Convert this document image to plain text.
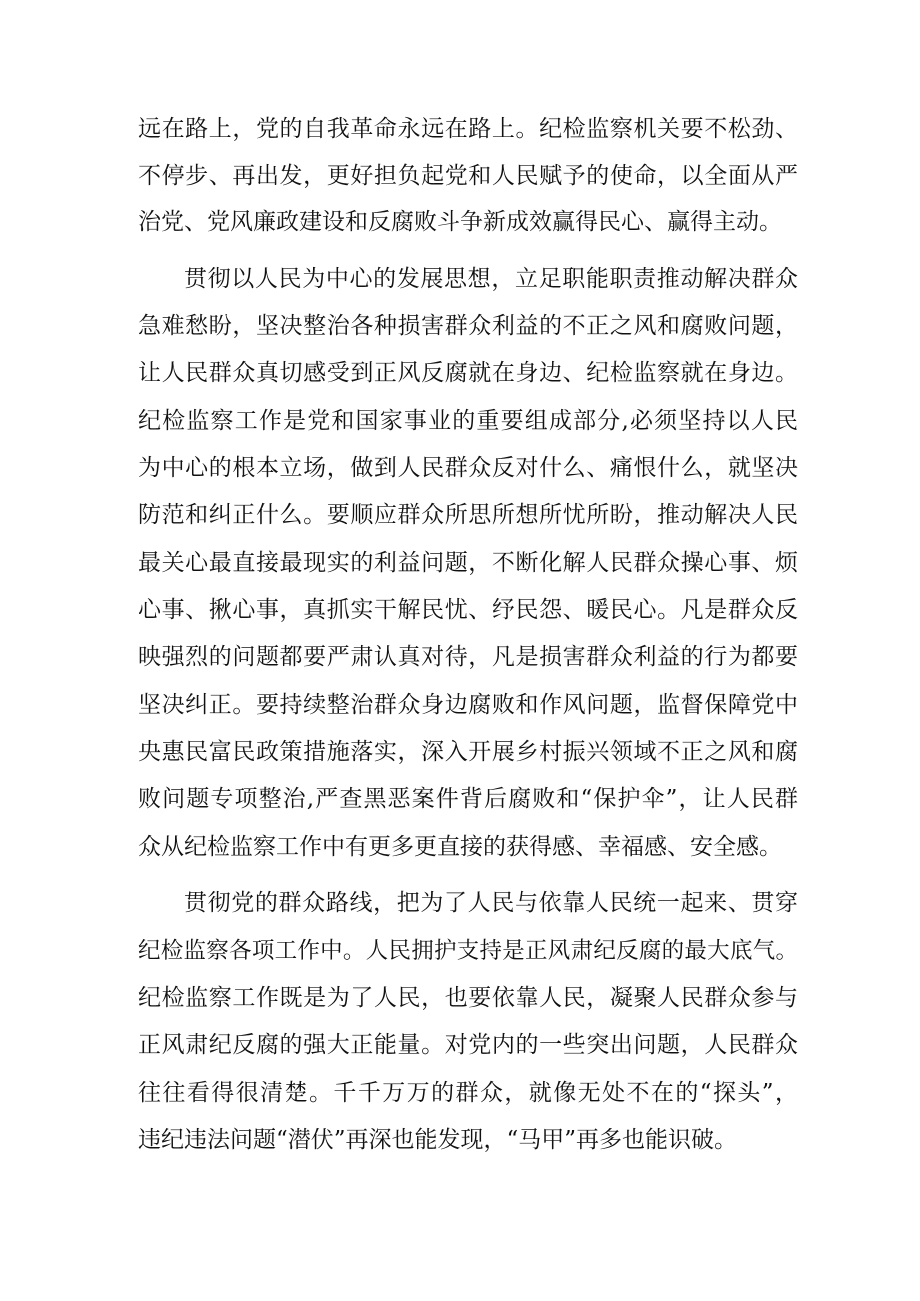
远在路上，党的自我革命永远在路上。纪检监察机关要不松劲、
不停步、再出发，更好担负起党和人民赋予的使命，以全面从严
治党、党风廉政建设和反腐败斗争新成效赢得民心、赢得主动。
贯彻以人民为中心的发展思想，立足职能职责推动解决群众
急难愁盼，坚决整治各种损害群众利益的不正之风和腐败问题，
让人民群众真切感受到正风反腐就在身边、纪检监察就在身边。
纪检监察工作是党和国家事业的重要组成部分,必须坚持以人民
为中心的根本立场，做到人民群众反对什么、痛恨什么，就坚决
防范和纠正什么。要顺应群众所思所想所忧所盼，推动解决人民
最关心最直接最现实的利益问题，不断化解人民群众操心事、烦
心事、揪心事，真抓实干解民忧、纾民怨、暖民心。凡是群众反
映强烈的问题都要严肃认真对待，凡是损害群众利益的行为都要
坚决纠正。要持续整治群众身边腐败和作风问题，监督保障党中
央惠民富民政策措施落实，深入开展乡村振兴领域不正之风和腐
败问题专项整治,严查黑恶案件背后腐败和“保护伞”，让人民群
众从纪检监察工作中有更多更直接的获得感、幸福感、安全感。
贯彻党的群众路线，把为了人民与依靠人民统一起来、贯穿
纪检监察各项工作中。人民拥护支持是正风肃纪反腐的最大底气。
纪检监察工作既是为了人民，也要依靠人民，凝聚人民群众参与
正风肃纪反腐的强大正能量。对党内的一些突出问题，人民群众
往往看得很清楚。千千万万的群众，就像无处不在的“探头”，
违纪违法问题“潜伏”再深也能发现，“马甲”再多也能识破。
